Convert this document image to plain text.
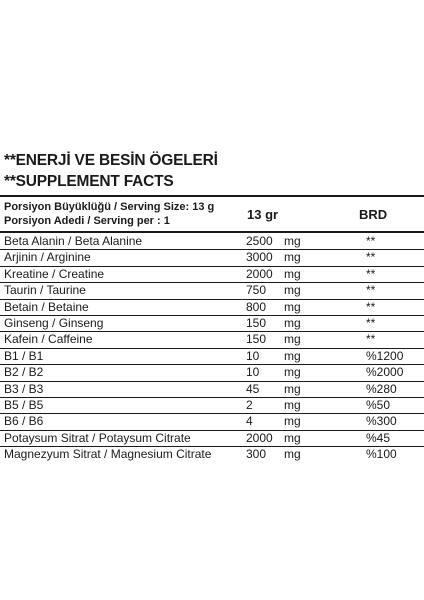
**ENERJİ VE BESİN ÖGELERİ
**SUPPLEMENT FACTS
Porsiyon Büyüklüğü / Serving Size: 13 g
Porsiyon Adedi / Serving per : 1	13 gr	BRD
Beta Alanin / Beta Alanine	2500 mg	**
Arjinin / Arginine	3000 mg	**
Kreatine / Creatine	2000 mg	**
Taurin / Taurine	750 mg	**
Betain / Betaine	800 mg	**
Ginseng / Ginseng	150 mg	**
Kafein / Caffeine	150 mg	**
B1 / B1	10 mg	%1200
B2 / B2	10 mg	%2000
B3 / B3	45 mg	%280
B5 / B5	2	mg	%50
B6 / B6	4	mg	%300
Potaysum Sitrat / Potaysum Citrate	2000 mg	%45
Magnezyum Sitrat / Magnesium Citrate	300 mg	%100
